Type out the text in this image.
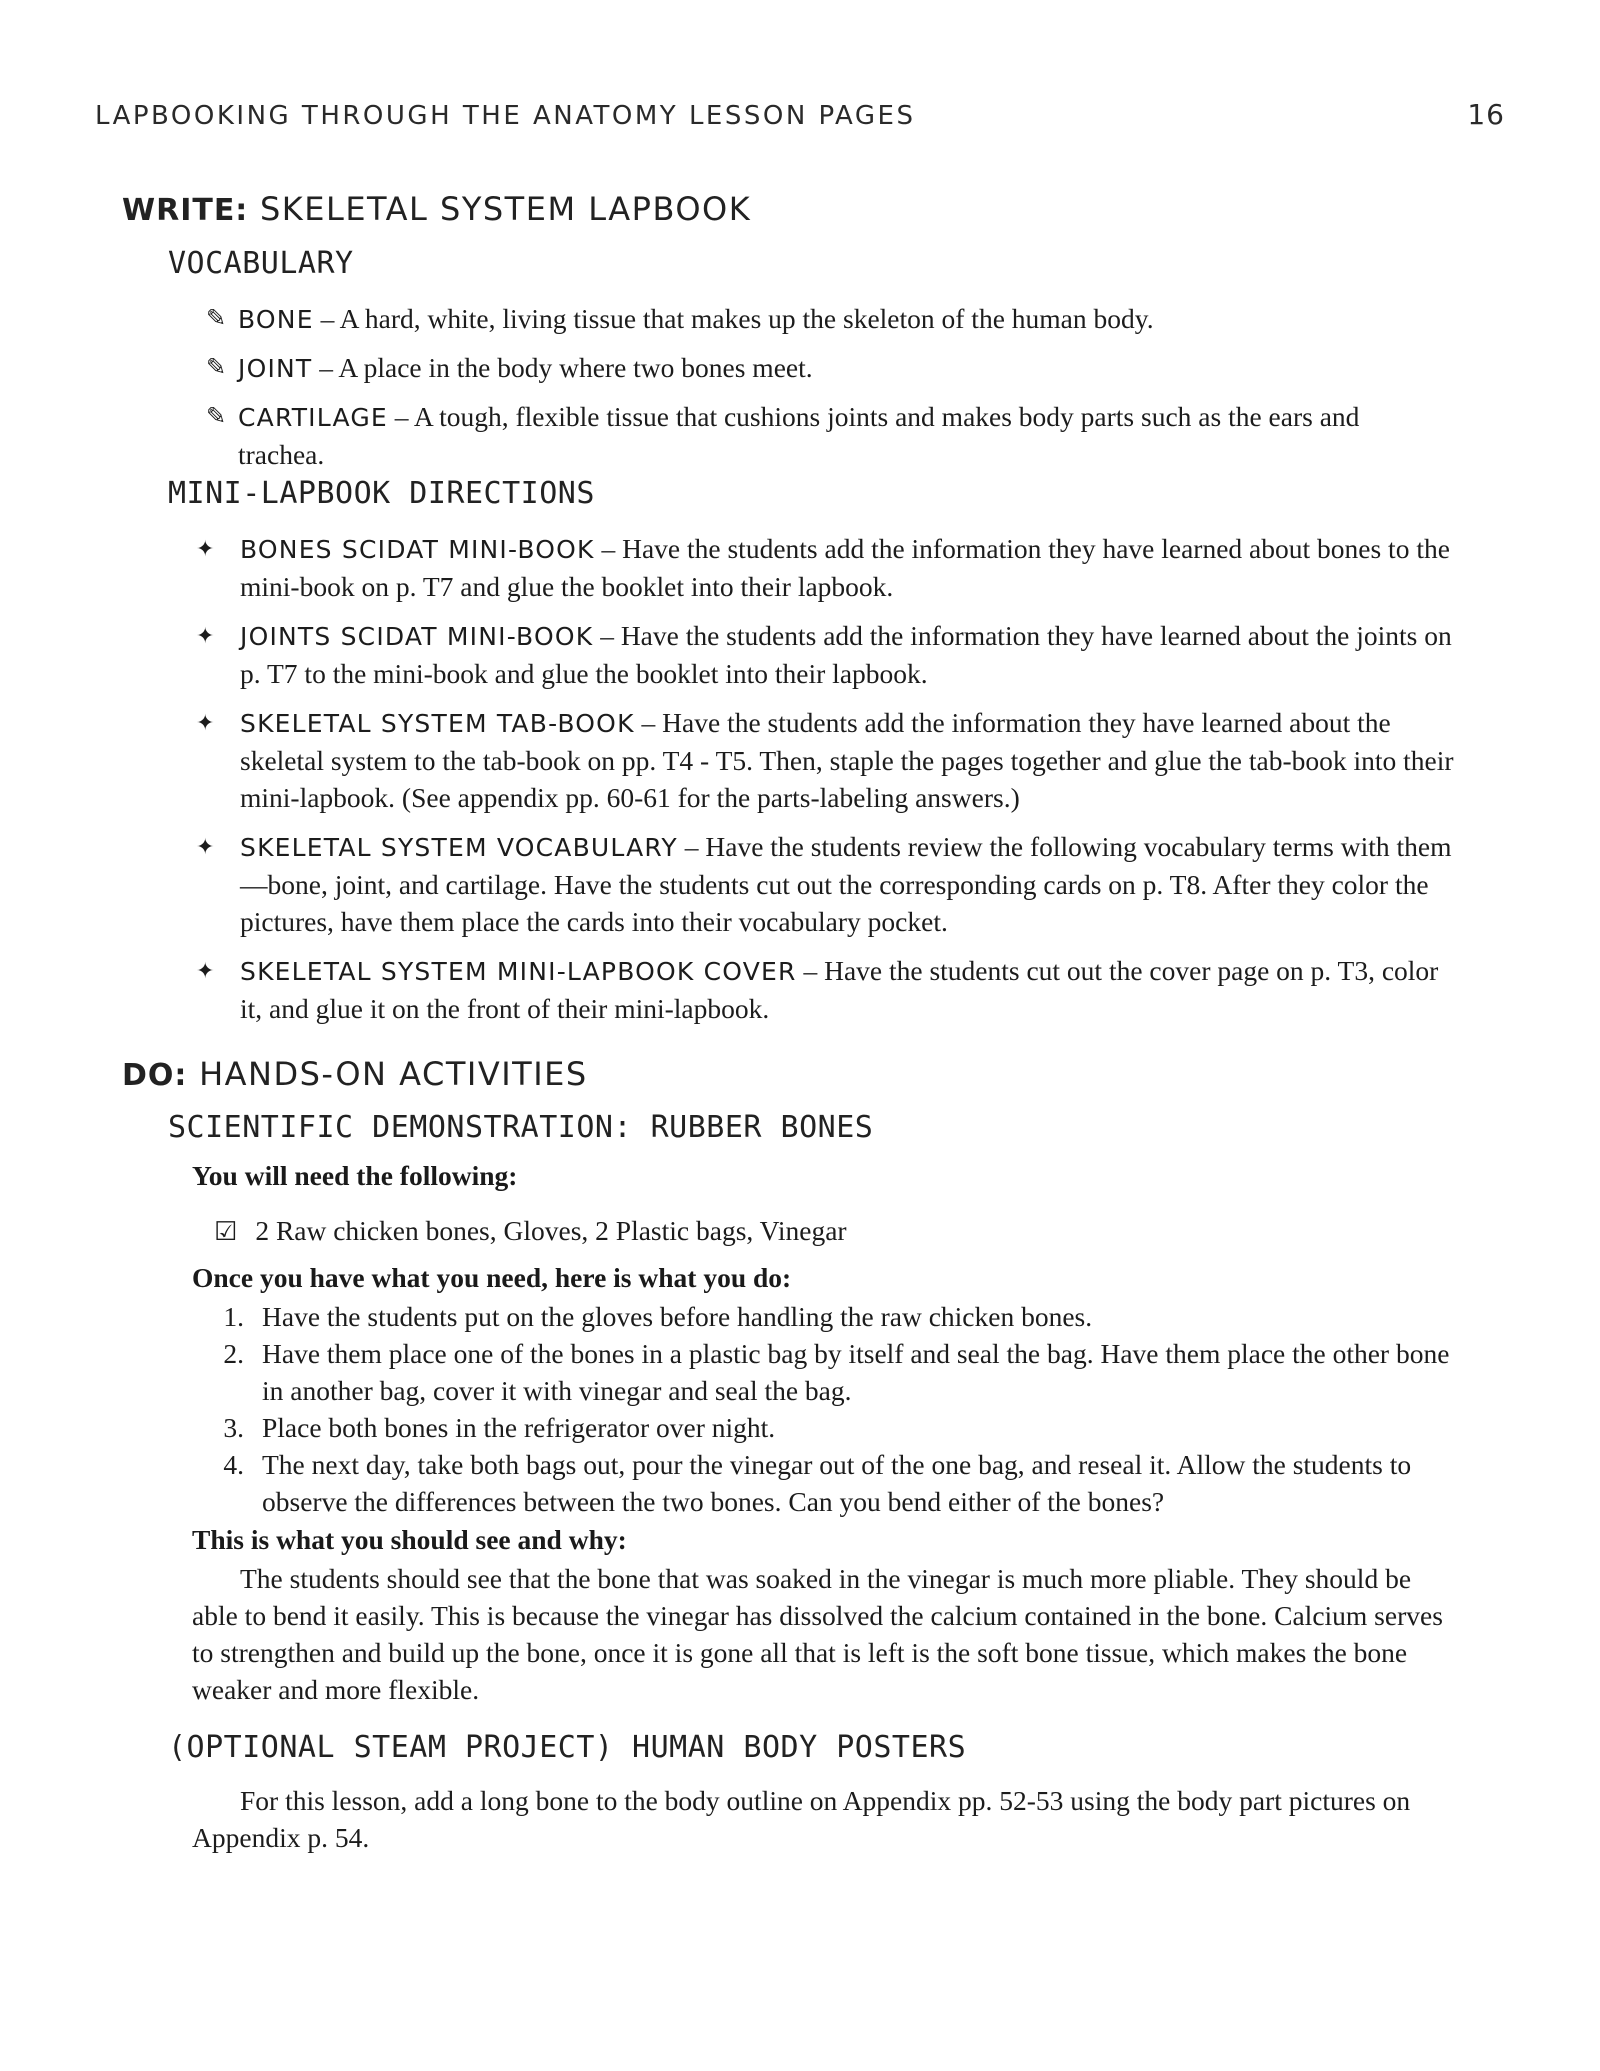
LAPBOOKING THROUGH THE ANATOMY LESSON PAGES	16
WRITE: SKELETAL SYSTEM LAPBOOK
VOCABULARY
✎ BONE – A hard, white, living tissue that makes up the skeleton of the human body.
✎ JOINT – A place in the body where two bones meet.
✎ CARTILAGE – A tough, flexible tissue that cushions joints and makes body parts such as the ears and trachea.
MINI-LAPBOOK DIRECTIONS
✦	BONES SCIDAT MINI-BOOK – Have the students add the information they have learned about bones to the mini-book on p. T7 and glue the booklet into their lapbook.
✦	JOINTS SCIDAT MINI-BOOK – Have the students add the information they have learned about the joints on p. T7 to the mini-book and glue the booklet into their lapbook.
✦	SKELETAL SYSTEM TAB-BOOK – Have the students add the information they have learned about the skeletal system to the tab-book on pp. T4 - T5. Then, staple the pages together and glue the tab-book into their mini-lapbook. (See appendix pp. 60-61 for the parts-labeling answers.)
✦	SKELETAL SYSTEM VOCABULARY – Have the students review the following vocabulary terms with them—bone, joint, and cartilage. Have the students cut out the corresponding cards on p. T8. After they color the pictures, have them place the cards into their vocabulary pocket.
✦	SKELETAL SYSTEM MINI-LAPBOOK COVER – Have the students cut out the cover page on p. T3, color it, and glue it on the front of their mini-lapbook.
DO: HANDS-ON ACTIVITIES
SCIENTIFIC DEMONSTRATION: RUBBER BONES
You will need the following:
☑ 2 Raw chicken bones, Gloves, 2 Plastic bags, Vinegar
Once you have what you need, here is what you do:
1. Have the students put on the gloves before handling the raw chicken bones.
2. Have them place one of the bones in a plastic bag by itself and seal the bag. Have them place the other bone in another bag, cover it with vinegar and seal the bag.
3. Place both bones in the refrigerator over night.
4. The next day, take both bags out, pour the vinegar out of the one bag, and reseal it. Allow the students to observe the differences between the two bones. Can you bend either of the bones?
This is what you should see and why:
The students should see that the bone that was soaked in the vinegar is much more pliable. They should be able to bend it easily. This is because the vinegar has dissolved the calcium contained in the bone. Calcium serves to strengthen and build up the bone, once it is gone all that is left is the soft bone tissue, which makes the bone weaker and more flexible.
(OPTIONAL STEAM PROJECT) HUMAN BODY POSTERS
For this lesson, add a long bone to the body outline on Appendix pp. 52-53 using the body part pictures on Appendix p. 54.
